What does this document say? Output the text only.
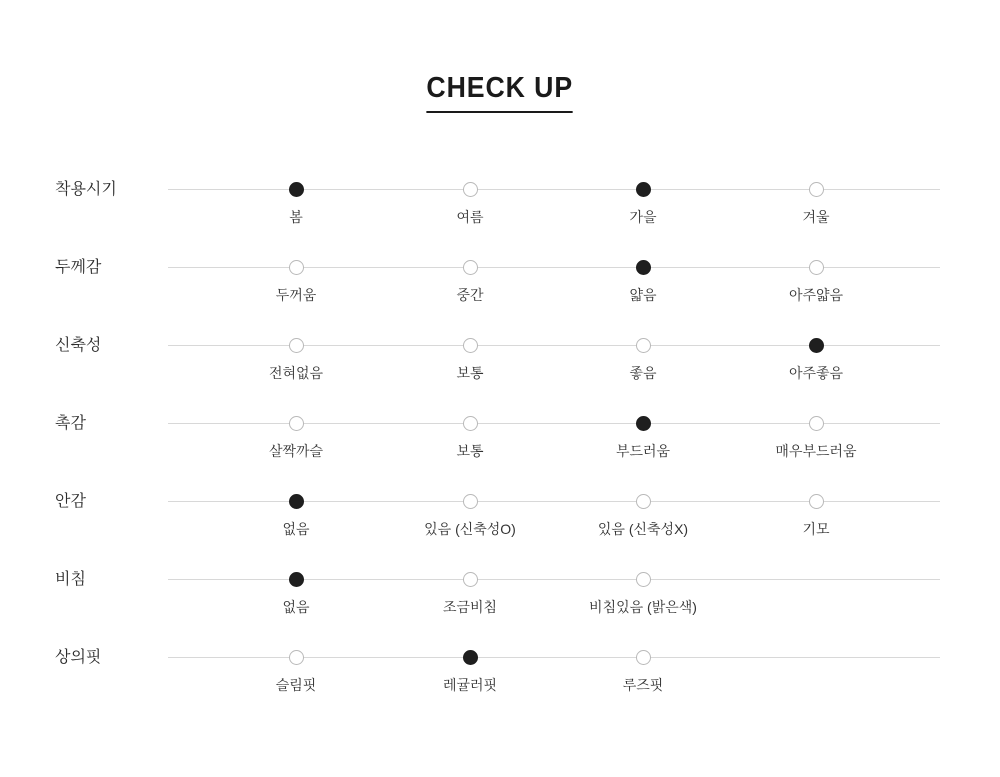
CHECK UP
착용시기
봄	여름	가을	겨울
두께감
두꺼움	중간	얇음	아주얇음
신축성
전혀없음	보통	좋음	아주좋음
촉감
살짝까슬	보통	부드러움	매우부드러움
안감
없음	있음 (신축성O)	있음 (신축성X)	기모
비침
없음	조금비침	비침있음 (밝은색)
상의핏
슬림핏	레귤러핏	루즈핏
